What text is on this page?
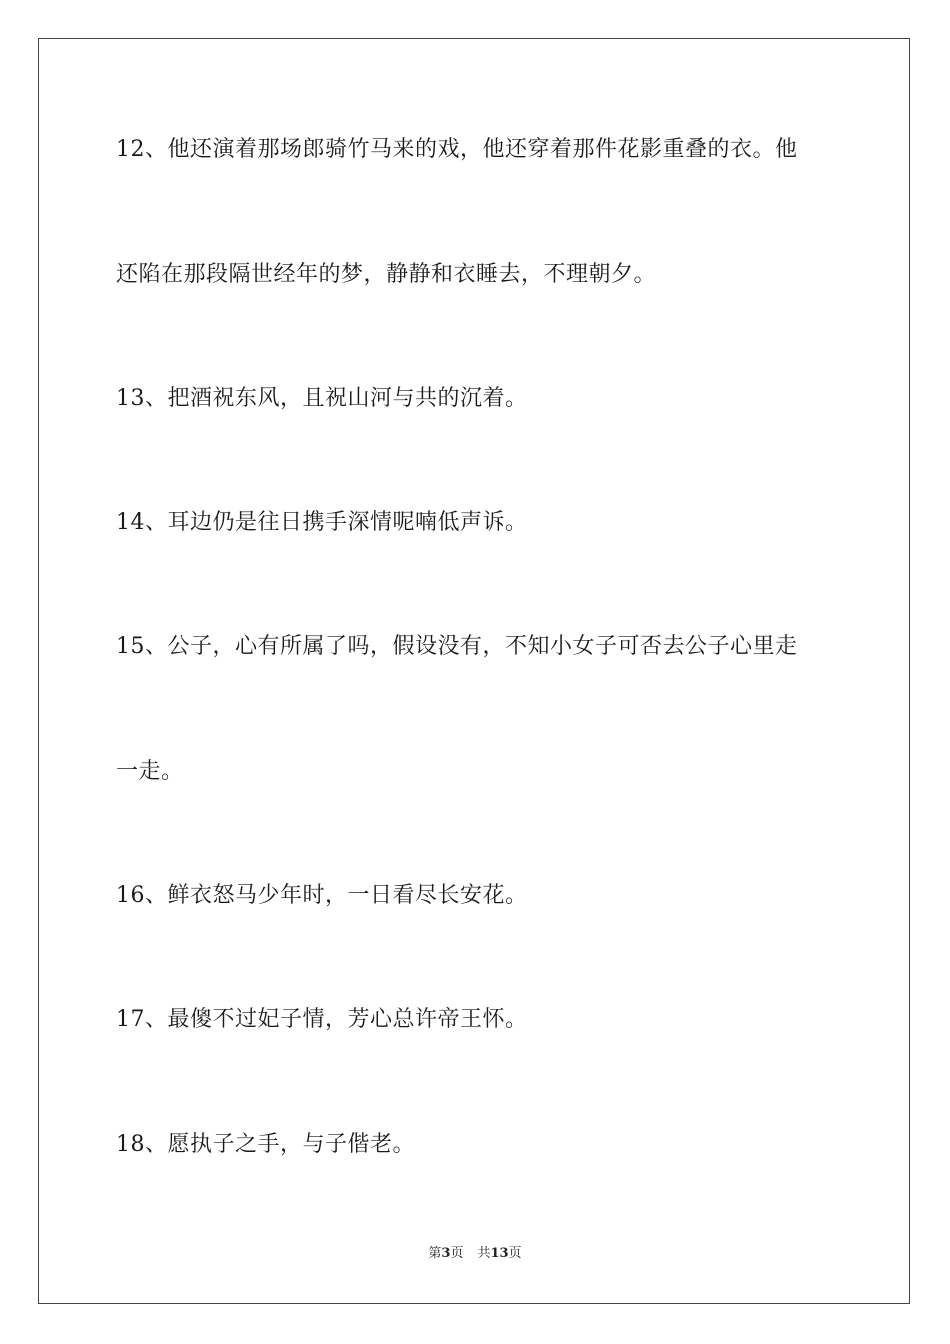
12、他还演着那场郎骑竹马来的戏，他还穿着那件花影重叠的衣。他
还陷在那段隔世经年的梦，静静和衣睡去，不理朝夕。
13、把酒祝东风，且祝山河与共的沉着。
14、耳边仍是往日携手深情呢喃低声诉。
15、公子，心有所属了吗，假设没有，不知小女子可否去公子心里走
一走。
16、鲜衣怒马少年时，一日看尽长安花。
17、最傻不过妃子情，芳心总许帝王怀。
18、愿执子之手，与子偕老。
第3页 共13页
